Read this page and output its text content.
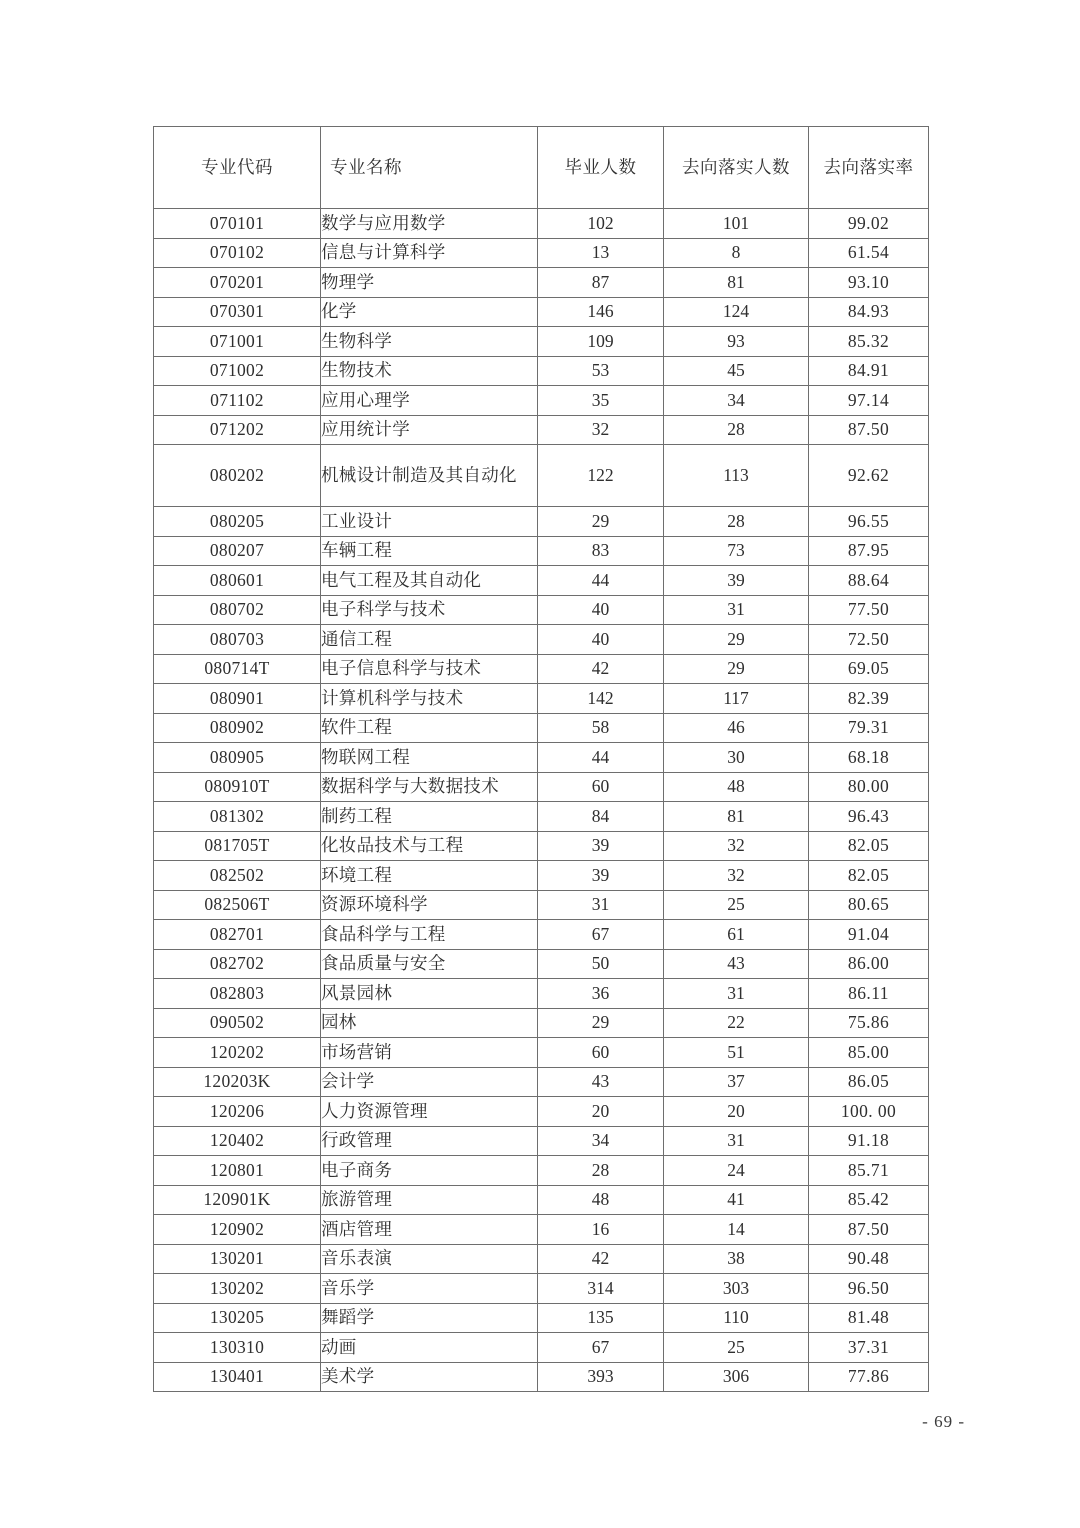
专业代码	专业名称	毕业人数	去向落实人数	去向落实率
070101	数学与应用数学	102	101	99.02
070102	信息与计算科学	13	8	61.54
070201	物理学	87	81	93.10
070301	化学	146	124	84.93
071001	生物科学	109	93	85.32
071002	生物技术	53	45	84.91
071102	应用心理学	35	34	97.14
071202	应用统计学	32	28	87.50
080202	机械设计制造及其自动化	122	113	92.62
080205	工业设计	29	28	96.55
080207	车辆工程	83	73	87.95
080601	电气工程及其自动化	44	39	88.64
080702	电子科学与技术	40	31	77.50
080703	通信工程	40	29	72.50
080714T	电子信息科学与技术	42	29	69.05
080901	计算机科学与技术	142	117	82.39
080902	软件工程	58	46	79.31
080905	物联网工程	44	30	68.18
080910T	数据科学与大数据技术	60	48	80.00
081302	制药工程	84	81	96.43
081705T	化妆品技术与工程	39	32	82.05
082502	环境工程	39	32	82.05
082506T	资源环境科学	31	25	80.65
082701	食品科学与工程	67	61	91.04
082702	食品质量与安全	50	43	86.00
082803	风景园林	36	31	86.11
090502	园林	29	22	75.86
120202	市场营销	60	51	85.00
120203K	会计学	43	37	86.05
120206	人力资源管理	20	20	100. 00
120402	行政管理	34	31	91.18
120801	电子商务	28	24	85.71
120901K	旅游管理	48	41	85.42
120902	酒店管理	16	14	87.50
130201	音乐表演	42	38	90.48
130202	音乐学	314	303	96.50
130205	舞蹈学	135	110	81.48
130310	动画	67	25	37.31
130401	美术学	393	306	77.86
- 69 -
